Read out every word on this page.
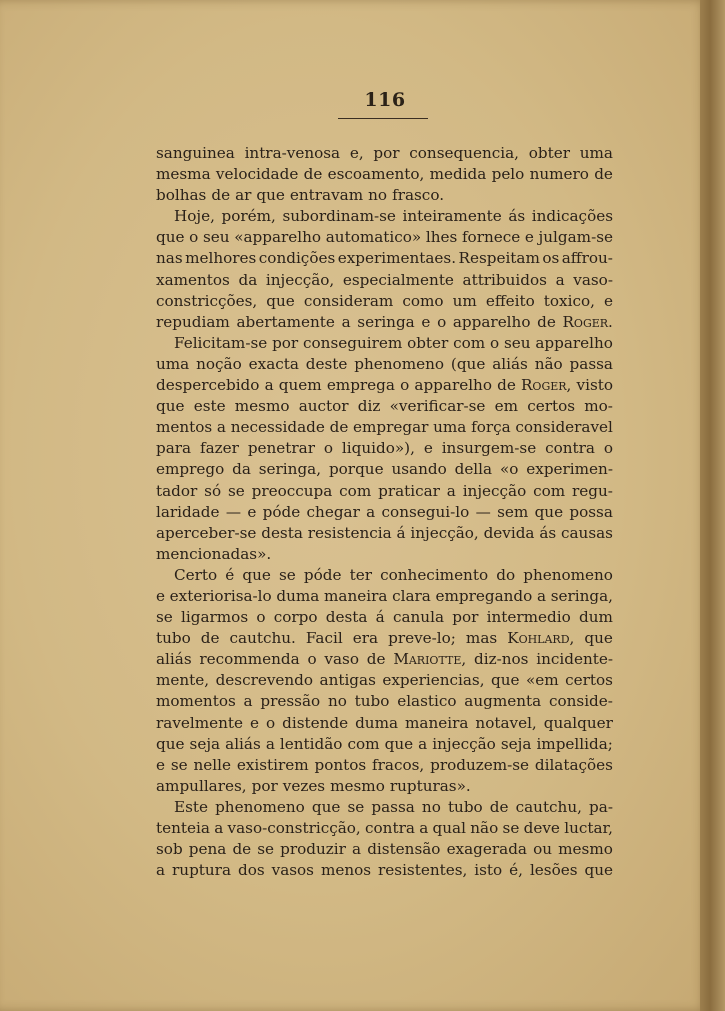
116
sanguinea intra-venosa e, por consequencia, obter uma
mesma velocidade de escoamento, medida pelo numero de
bolhas de ar que entravam no frasco.
Hoje, porém, subordinam-se inteiramente ás indicações
que o seu «apparelho automatico» lhes fornece e julgam-se
nas melhores condições experimentaes. Respeitam os affrou-
xamentos da injecção, especialmente attribuidos a vaso-
constricções, que consideram como um effeito toxico, e
repudiam abertamente a seringa e o apparelho de Roger.
Felicitam-se por conseguirem obter com o seu apparelho
uma noção exacta deste phenomeno (que aliás não passa
despercebido a quem emprega o apparelho de Roger, visto
que este mesmo auctor diz «verificar-se em certos mo-
mentos a necessidade de empregar uma força consideravel
para fazer penetrar o liquido»), e insurgem-se contra o
emprego da seringa, porque usando della «o experimen-
tador só se preoccupa com praticar a injecção com regu-
laridade — e póde chegar a consegui-lo — sem que possa
aperceber-se desta resistencia á injecção, devida ás causas
mencionadas».
Certo é que se póde ter conhecimento do phenomeno
e exteriorisa-lo duma maneira clara empregando a seringa,
se ligarmos o corpo desta á canula por intermedio dum
tubo de cautchu. Facil era preve-lo; mas Kohlard, que
aliás recommenda o vaso de Mariotte, diz-nos incidente-
mente, descrevendo antigas experiencias, que «em certos
momentos a pressão no tubo elastico augmenta conside-
ravelmente e o distende duma maneira notavel, qualquer
que seja aliás a lentidão com que a injecção seja impellida;
e se nelle existirem pontos fracos, produzem-se dilatações
ampullares, por vezes mesmo rupturas».
Este phenomeno que se passa no tubo de cautchu, pa-
tenteia a vaso-constricção, contra a qual não se deve luctar,
sob pena de se produzir a distensão exagerada ou mesmo
a ruptura dos vasos menos resistentes, isto é, lesões que
